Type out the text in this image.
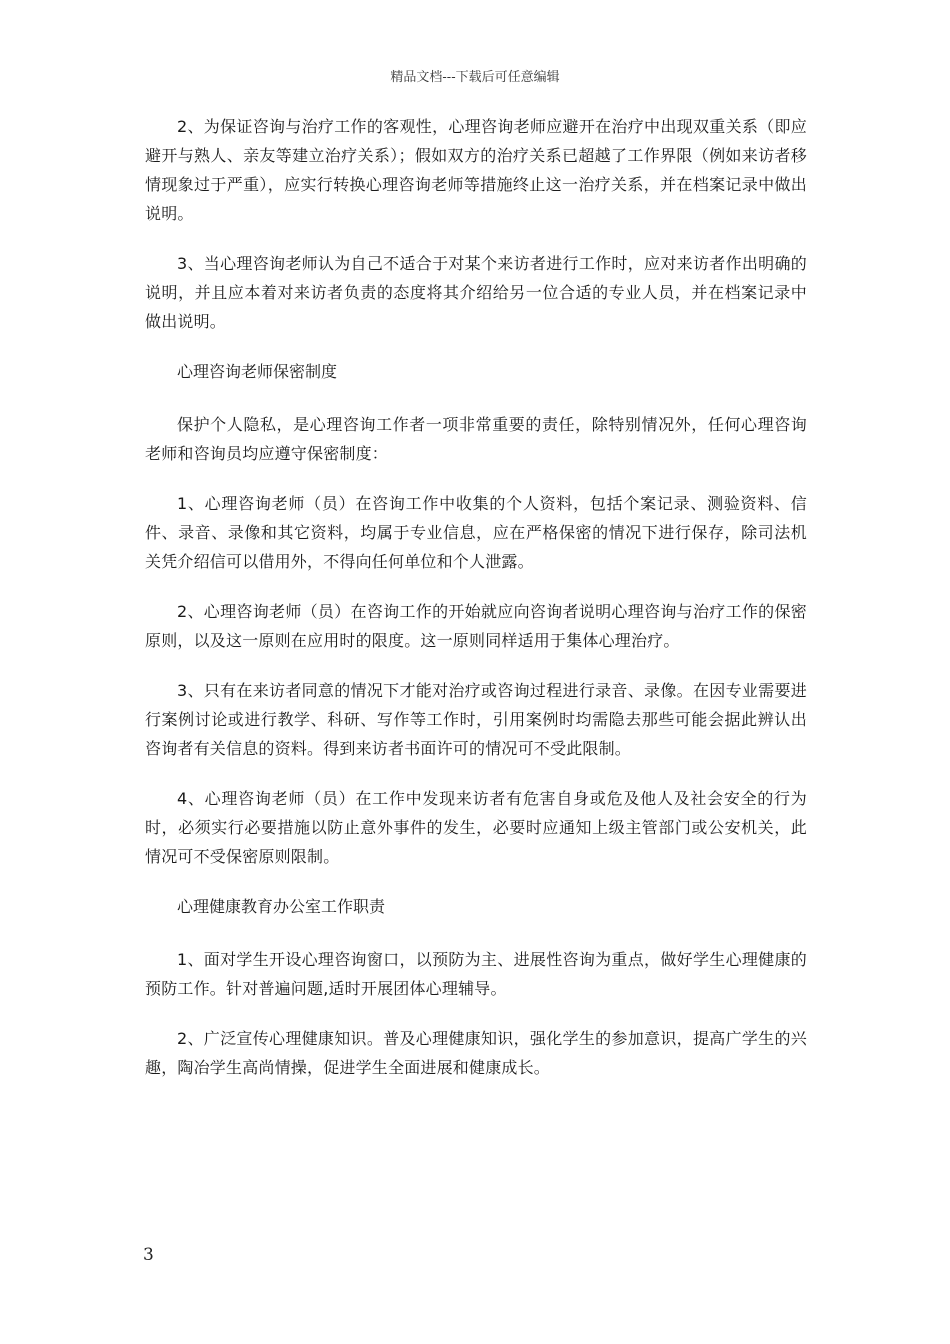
精品文档---下载后可任意编辑

2、为保证咨询与治疗工作的客观性，心理咨询老师应避开在治疗中出现双重关系（即应避开与熟人、亲友等建立治疗关系）；假如双方的治疗关系已超越了工作界限（例如来访者移情现象过于严重），应实行转换心理咨询老师等措施终止这一治疗关系，并在档案记录中做出说明。

3、当心理咨询老师认为自己不适合于对某个来访者进行工作时，应对来访者作出明确的说明，并且应本着对来访者负责的态度将其介绍给另一位合适的专业人员，并在档案记录中做出说明。

心理咨询老师保密制度

保护个人隐私，是心理咨询工作者一项非常重要的责任，除特别情况外，任何心理咨询老师和咨询员均应遵守保密制度：

1、心理咨询老师（员）在咨询工作中收集的个人资料，包括个案记录、测验资料、信件、录音、录像和其它资料，均属于专业信息，应在严格保密的情况下进行保存，除司法机关凭介绍信可以借用外，不得向任何单位和个人泄露。

2、心理咨询老师（员）在咨询工作的开始就应向咨询者说明心理咨询与治疗工作的保密原则，以及这一原则在应用时的限度。这一原则同样适用于集体心理治疗。

3、只有在来访者同意的情况下才能对治疗或咨询过程进行录音、录像。在因专业需要进行案例讨论或进行教学、科研、写作等工作时，引用案例时均需隐去那些可能会据此辨认出咨询者有关信息的资料。得到来访者书面许可的情况可不受此限制。

4、心理咨询老师（员）在工作中发现来访者有危害自身或危及他人及社会安全的行为时，必须实行必要措施以防止意外事件的发生，必要时应通知上级主管部门或公安机关，此情况可不受保密原则限制。

心理健康教育办公室工作职责

1、面对学生开设心理咨询窗口，以预防为主、进展性咨询为重点，做好学生心理健康的预防工作。针对普遍问题,适时开展团体心理辅导。

2、广泛宣传心理健康知识。普及心理健康知识，强化学生的参加意识，提高广学生的兴趣，陶冶学生高尚情操，促进学生全面进展和健康成长。

3
